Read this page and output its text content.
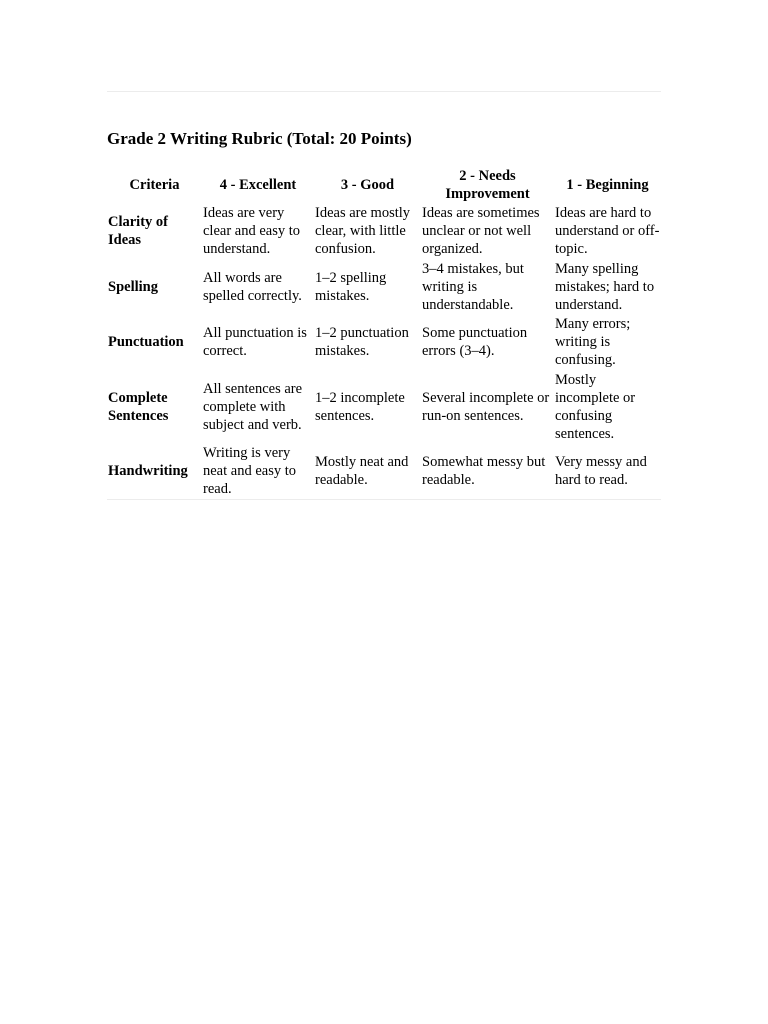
Grade 2 Writing Rubric (Total: 20 Points)
Criteria	4 - Excellent	3 - Good	2 - Needs Improvement	1 - Beginning
Clarity of Ideas	Ideas are very clear and easy to understand.	Ideas are mostly clear, with little confusion.	Ideas are sometimes unclear or not well organized.	Ideas are hard to understand or off-topic.
Spelling	All words are spelled correctly.	1–2 spelling mistakes.	3–4 mistakes, but writing is understandable.	Many spelling mistakes; hard to understand.
Punctuation	All punctuation is correct.	1–2 punctuation mistakes.	Some punctuation errors (3–4).	Many errors; writing is confusing.
Complete Sentences	All sentences are complete with subject and verb.	1–2 incomplete sentences.	Several incomplete or run-on sentences.	Mostly incomplete or confusing sentences.
Handwriting	Writing is very neat and easy to read.	Mostly neat and readable.	Somewhat messy but readable.	Very messy and hard to read.
